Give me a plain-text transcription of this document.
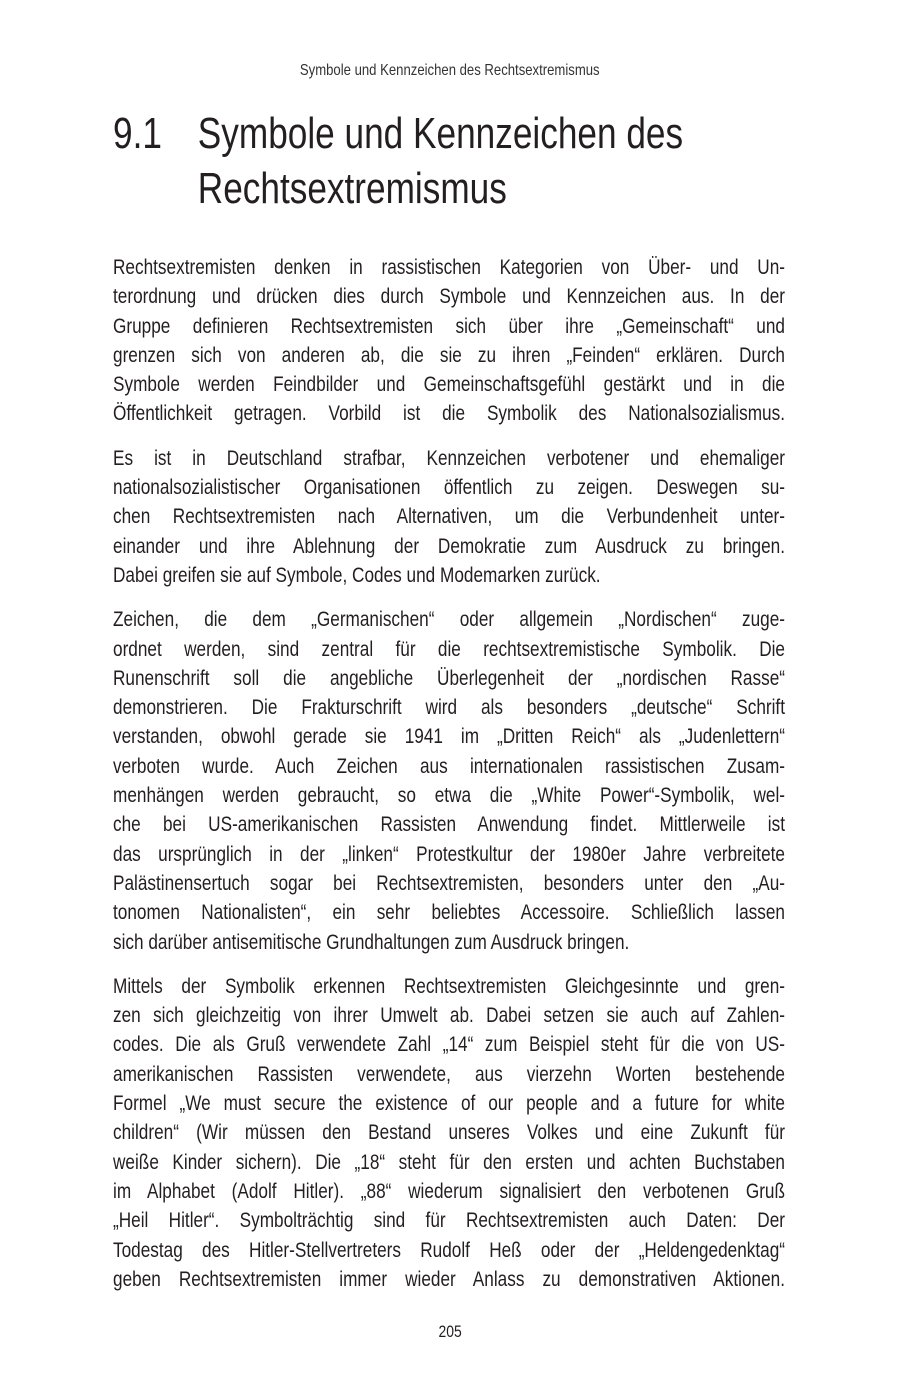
Symbole und Kennzeichen des Rechtsextremismus
9.1 Symbole und Kennzeichen des
Rechtsextremismus
Rechtsextremisten denken in rassistischen Kategorien von Über- und Un-
terordnung und drücken dies durch Symbole und Kennzeichen aus. In der
Gruppe definieren Rechtsextremisten sich über ihre „Gemeinschaft“ und
grenzen sich von anderen ab, die sie zu ihren „Feinden“ erklären. Durch
Symbole werden Feindbilder und Gemeinschaftsgefühl gestärkt und in die
Öffentlichkeit getragen. Vorbild ist die Symbolik des Nationalsozialismus.
Es ist in Deutschland strafbar, Kennzeichen verbotener und ehemaliger
nationalsozialistischer Organisationen öffentlich zu zeigen. Deswegen su-
chen Rechtsextremisten nach Alternativen, um die Verbundenheit unter-
einander und ihre Ablehnung der Demokratie zum Ausdruck zu bringen.
Dabei greifen sie auf Symbole, Codes und Modemarken zurück.
Zeichen, die dem „Germanischen“ oder allgemein „Nordischen“ zuge-
ordnet werden, sind zentral für die rechtsextremistische Symbolik. Die
Runenschrift soll die angebliche Überlegenheit der „nordischen Rasse“
demonstrieren. Die Frakturschrift wird als besonders „deutsche“ Schrift
verstanden, obwohl gerade sie 1941 im „Dritten Reich“ als „Judenlettern“
verboten wurde. Auch Zeichen aus internationalen rassistischen Zusam-
menhängen werden gebraucht, so etwa die „White Power“-Symbolik, wel-
che bei US-amerikanischen Rassisten Anwendung findet. Mittlerweile ist
das ursprünglich in der „linken“ Protestkultur der 1980er Jahre verbreitete
Palästinensertuch sogar bei Rechtsextremisten, besonders unter den „Au-
tonomen Nationalisten“, ein sehr beliebtes Accessoire. Schließlich lassen
sich darüber antisemitische Grundhaltungen zum Ausdruck bringen.
Mittels der Symbolik erkennen Rechtsextremisten Gleichgesinnte und gren-
zen sich gleichzeitig von ihrer Umwelt ab. Dabei setzen sie auch auf Zahlen-
codes. Die als Gruß verwendete Zahl „14“ zum Beispiel steht für die von US-
amerikanischen Rassisten verwendete, aus vierzehn Worten bestehende
Formel „We must secure the existence of our people and a future for white
children“ (Wir müssen den Bestand unseres Volkes und eine Zukunft für
weiße Kinder sichern). Die „18“ steht für den ersten und achten Buchstaben
im Alphabet (Adolf Hitler). „88“ wiederum signalisiert den verbotenen Gruß
„Heil Hitler“. Symbolträchtig sind für Rechtsextremisten auch Daten: Der
Todestag des Hitler-Stellvertreters Rudolf Heß oder der „Heldengedenktag“
geben Rechtsextremisten immer wieder Anlass zu demonstrativen Aktionen.
205
